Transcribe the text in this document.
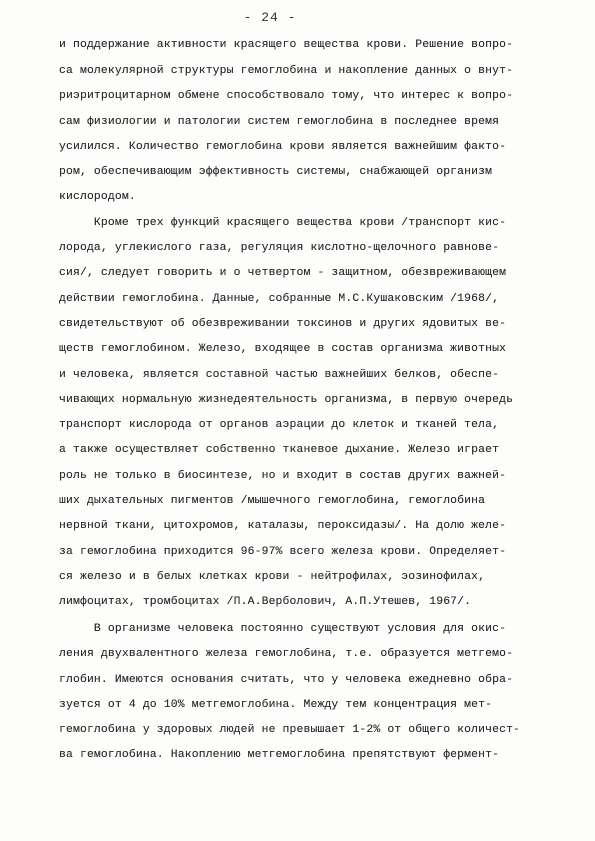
- 24 -
и поддержание активности красящего вещества крови. Решение вопро-
са молекулярной структуры гемоглобина и накопление данных о внут-
риэритроцитарном обмене способствовало тому, что интерес к вопро-
сам физиологии и патологии систем гемоглобина в последнее время
усилился. Количество гемоглобина крови является важнейшим факто-
ром, обеспечивающим эффективность системы, снабжающей организм
кислородом.
Кроме трех функций красящего вещества крови /транспорт кис-
лорода, углекислого газа, регуляция кислотно-щелочного равнове-
сия/, следует говорить и о четвертом - защитном, обезвреживающем
действии гемоглобина. Данные, собранные М.С.Кушаковским /1968/,
свидетельствуют об обезвреживании токсинов и других ядовитых ве-
ществ гемоглобином. Железо, входящее в состав организма животных
и человека, является составной частью важнейших белков, обеспе-
чивающих нормальную жизнедеятельность организма, в первую очередь
транспорт кислорода от органов аэрации до клеток и тканей тела,
а также осуществляет собственно тканевое дыхание. Железо играет
роль не только в биосинтезе, но и входит в состав других важней-
ших дыхательных пигментов /мышечного гемоглобина, гемоглобина
нервной ткани, цитохромов, каталазы, пероксидазы/. На долю желе-
за гемоглобина приходится 96-97% всего железа крови. Определяет-
ся железо и в белых клетках крови - нейтрофилах, эозинофилах,
лимфоцитах, тромбоцитах /П.А.Верболович, А.П.Утешев, 1967/.
В организме человека постоянно существуют условия для окис-
ления двухвалентного железа гемоглобина, т.е. образуется метгемо-
глобин. Имеются основания считать, что у человека ежедневно обра-
зуется от 4 до 10% метгемоглобина. Между тем концентрация мет-
гемоглобина у здоровых людей не превышает 1-2% от общего количест-
ва гемоглобина. Накоплению метгемоглобина препятствуют фермент-
